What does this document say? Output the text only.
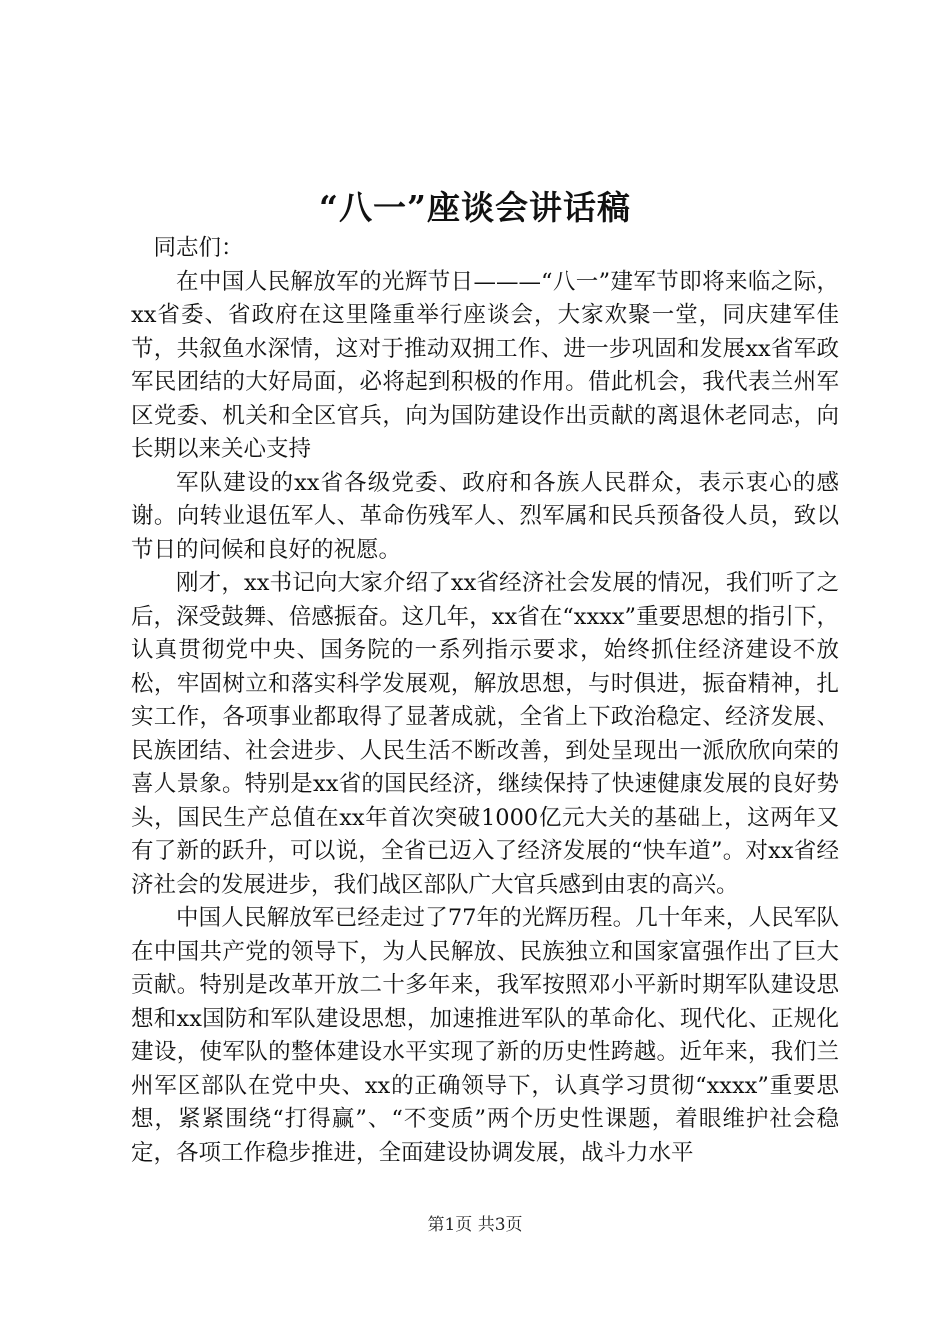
“八一”座谈会讲话稿

同志们：

在中国人民解放军的光辉节日———“八一”建军节即将来临之际，xx省委、省政府在这里隆重举行座谈会，大家欢聚一堂，同庆建军佳节，共叙鱼水深情，这对于推动双拥工作、进一步巩固和发展xx省军政军民团结的大好局面，必将起到积极的作用。借此机会，我代表兰州军区党委、机关和全区官兵，向为国防建设作出贡献的离退休老同志，向长期以来关心支持

军队建设的xx省各级党委、政府和各族人民群众，表示衷心的感谢。向转业退伍军人、革命伤残军人、烈军属和民兵预备役人员，致以节日的问候和良好的祝愿。

刚才，xx书记向大家介绍了xx省经济社会发展的情况，我们听了之后，深受鼓舞、倍感振奋。这几年，xx省在“xxxx”重要思想的指引下，认真贯彻党中央、国务院的一系列指示要求，始终抓住经济建设不放松，牢固树立和落实科学发展观，解放思想，与时俱进，振奋精神，扎实工作，各项事业都取得了显著成就，全省上下政治稳定、经济发展、民族团结、社会进步、人民生活不断改善，到处呈现出一派欣欣向荣的喜人景象。特别是xx省的国民经济，继续保持了快速健康发展的良好势头，国民生产总值在xx年首次突破1000亿元大关的基础上，这两年又有了新的跃升，可以说，全省已迈入了经济发展的“快车道”。对xx省经济社会的发展进步，我们战区部队广大官兵感到由衷的高兴。

中国人民解放军已经走过了77年的光辉历程。几十年来，人民军队在中国共产党的领导下，为人民解放、民族独立和国家富强作出了巨大贡献。特别是改革开放二十多年来，我军按照邓小平新时期军队建设思想和xx国防和军队建设思想，加速推进军队的革命化、现代化、正规化建设，使军队的整体建设水平实现了新的历史性跨越。近年来，我们兰州军区部队在党中央、xx的正确领导下，认真学习贯彻“xxxx”重要思想，紧紧围绕“打得赢”、“不变质”两个历史性课题，着眼维护社会稳定，各项工作稳步推进，全面建设协调发展，战斗力水平

第1页 共3页
